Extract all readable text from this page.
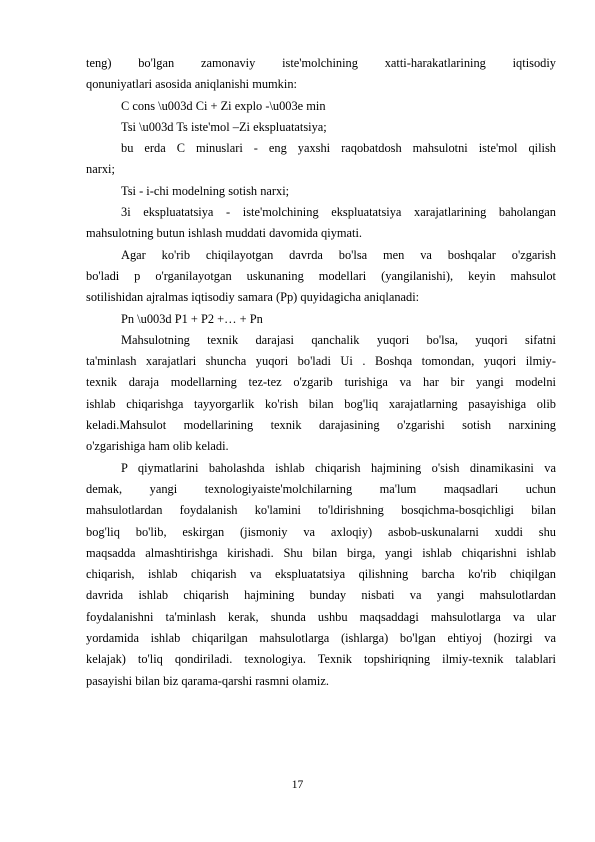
teng) bo'lgan zamonaviy iste'molchining xatti-harakatlarining iqtisodiy
qonuniyatlari asosida aniqlanishi mumkin:
C cons \u003d Ci + Zi explo -\u003e min
Tsi \u003d Ts iste'mol –Zi ekspluatatsiya;
bu erda C minuslari - eng yaxshi raqobatdosh mahsulotni iste'mol qilish
narxi;
Tsi - i-chi modelning sotish narxi;
3i ekspluatatsiya - iste'molchining ekspluatatsiya xarajatlarining baholangan
mahsulotning butun ishlash muddati davomida qiymati.
Agar ko'rib chiqilayotgan davrda bo'lsa men va boshqalar o'zgarish
bo'ladi p o'rganilayotgan uskunaning modellari (yangilanishi), keyin mahsulot
sotilishidan ajralmas iqtisodiy samara (Pp) quyidagicha aniqlanadi:
Pn \u003d P1 + P2 +… + Pn
Mahsulotning texnik darajasi qanchalik yuqori bo'lsa, yuqori sifatni
ta'minlash xarajatlari shuncha yuqori bo'ladi Ui . Boshqa tomondan, yuqori ilmiy-
texnik daraja modellarning tez-tez o'zgarib turishiga va har bir yangi modelni
ishlab chiqarishga tayyorgarlik ko'rish bilan bog'liq xarajatlarning pasayishiga olib
keladi.Mahsulot modellarining texnik darajasining o'zgarishi sotish narxining
o'zgarishiga ham olib keladi.
P qiymatlarini baholashda ishlab chiqarish hajmining o'sish dinamikasini va
demak, yangi texnologiyaiste'molchilarning ma'lum maqsadlari uchun
mahsulotlardan foydalanish ko'lamini to'ldirishning bosqichma-bosqichligi bilan
bog'liq bo'lib, eskirgan (jismoniy va axloqiy) asbob-uskunalarni xuddi shu
maqsadda almashtirishga kirishadi. Shu bilan birga, yangi ishlab chiqarishni ishlab
chiqarish, ishlab chiqarish va ekspluatatsiya qilishning barcha ko'rib chiqilgan
davrida ishlab chiqarish hajmining bunday nisbati va yangi mahsulotlardan
foydalanishni ta'minlash kerak, shunda ushbu maqsaddagi mahsulotlarga va ular
yordamida ishlab chiqarilgan mahsulotlarga (ishlarga) bo'lgan ehtiyoj (hozirgi va
kelajak) to'liq qondiriladi. texnologiya. Texnik topshiriqning ilmiy-texnik talablari
pasayishi bilan biz qarama-qarshi rasmni olamiz.
17
